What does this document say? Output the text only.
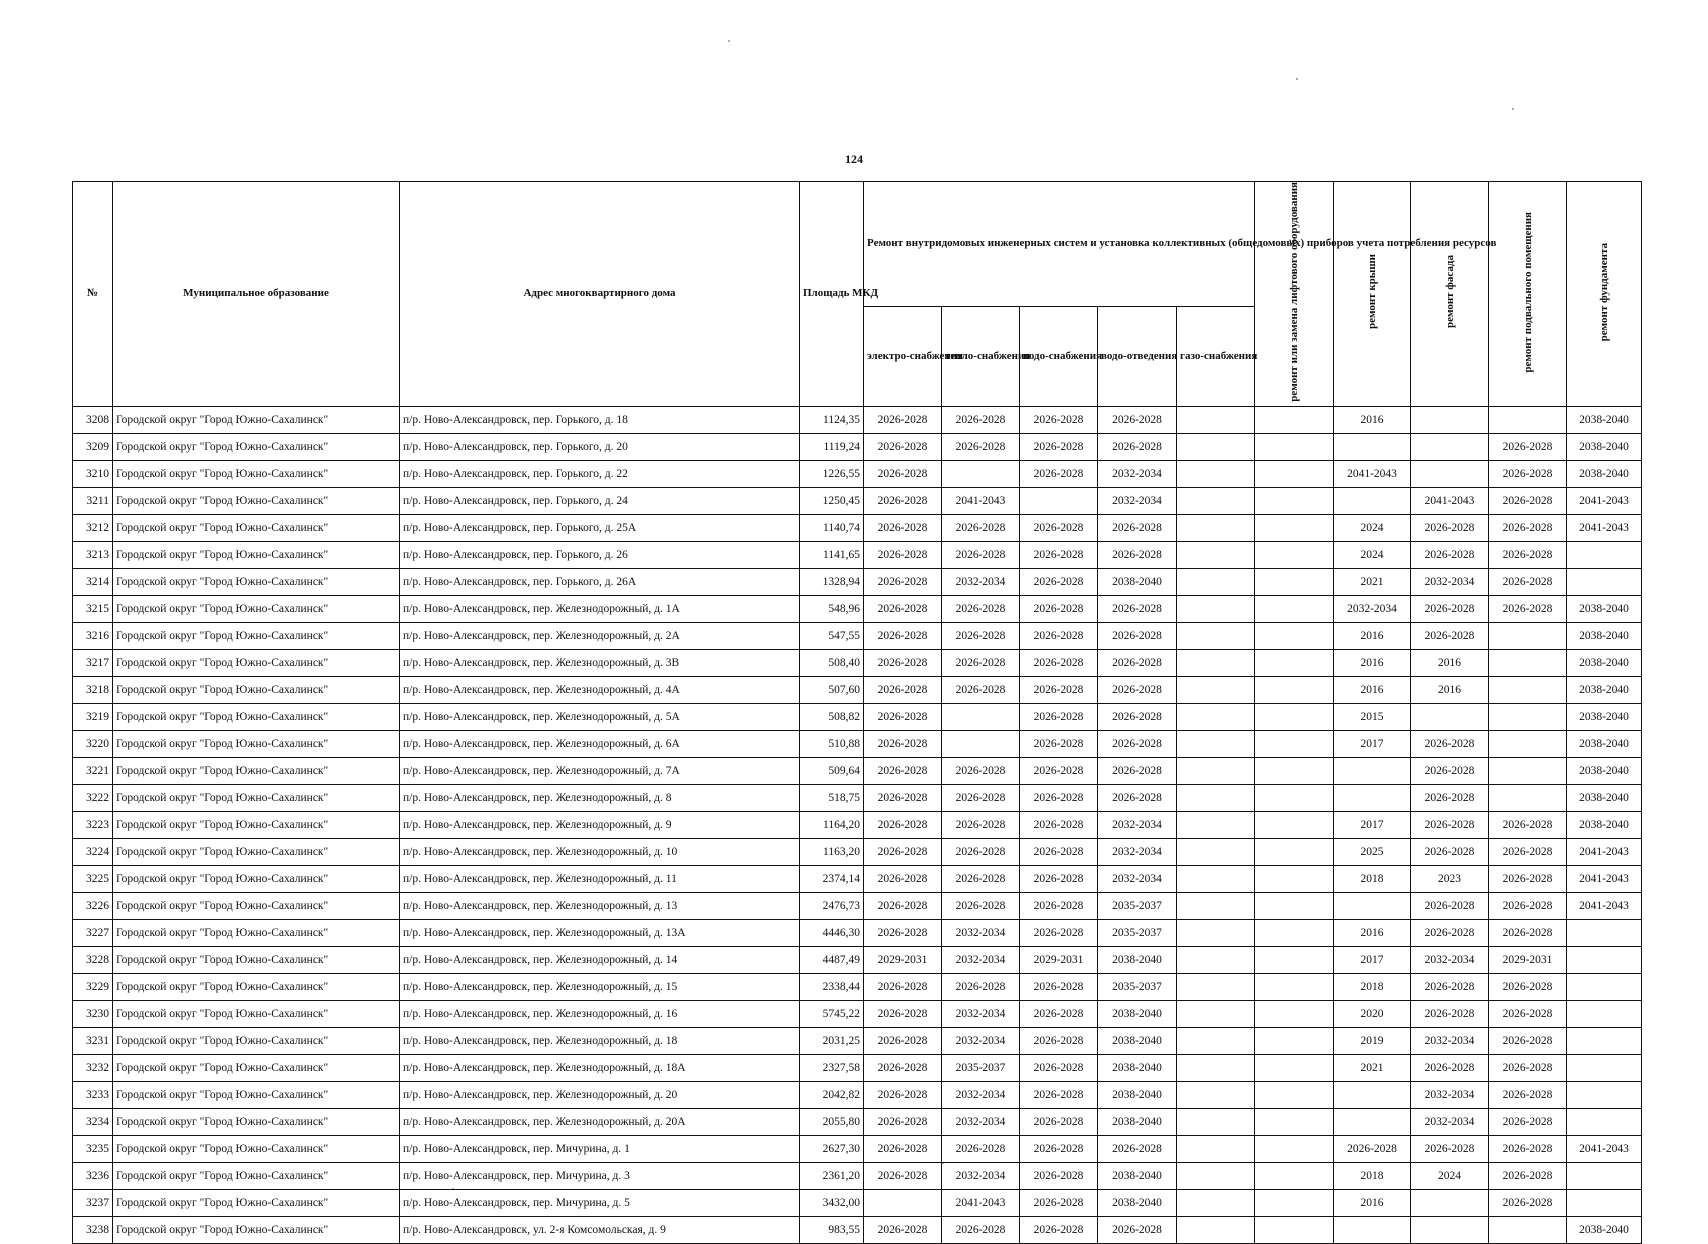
124
№	Муниципальное образование	Адрес многоквартирного дома	Площадь МКД	Ремонт внутридомовых инженерных систем и установка коллективных (общедомовых) приборов учета потребления ресурсов					ремонт или замена лифтового оборудования	ремонт крыши	ремонт фасада	ремонт подвального помещения	ремонт фундамента
				электро-снабжения	тепло-снабжения	водо-снабжения	водо-отведения	газо-снабжения					
3208	Городской округ "Город Южно-Сахалинск"	п/р. Ново-Александровск, пер. Горького, д. 18	1124,35	2026-2028	2026-2028	2026-2028	2026-2028			2016			2038-2040
3209	Городской округ "Город Южно-Сахалинск"	п/р. Ново-Александровск, пер. Горького, д. 20	1119,24	2026-2028	2026-2028	2026-2028	2026-2028					2026-2028	2038-2040
3210	Городской округ "Город Южно-Сахалинск"	п/р. Ново-Александровск, пер. Горького, д. 22	1226,55	2026-2028		2026-2028	2032-2034			2041-2043		2026-2028	2038-2040
3211	Городской округ "Город Южно-Сахалинск"	п/р. Ново-Александровск, пер. Горького, д. 24	1250,45	2026-2028	2041-2043		2032-2034				2041-2043	2026-2028	2041-2043
3212	Городской округ "Город Южно-Сахалинск"	п/р. Ново-Александровск, пер. Горького, д. 25А	1140,74	2026-2028	2026-2028	2026-2028	2026-2028			2024	2026-2028	2026-2028	2041-2043
3213	Городской округ "Город Южно-Сахалинск"	п/р. Ново-Александровск, пер. Горького, д. 26	1141,65	2026-2028	2026-2028	2026-2028	2026-2028			2024	2026-2028	2026-2028	
3214	Городской округ "Город Южно-Сахалинск"	п/р. Ново-Александровск, пер. Горького, д. 26А	1328,94	2026-2028	2032-2034	2026-2028	2038-2040			2021	2032-2034	2026-2028	
3215	Городской округ "Город Южно-Сахалинск"	п/р. Ново-Александровск, пер. Железнодорожный, д. 1А	548,96	2026-2028	2026-2028	2026-2028	2026-2028			2032-2034	2026-2028	2026-2028	2038-2040
3216	Городской округ "Город Южно-Сахалинск"	п/р. Ново-Александровск, пер. Железнодорожный, д. 2А	547,55	2026-2028	2026-2028	2026-2028	2026-2028			2016	2026-2028		2038-2040
3217	Городской округ "Город Южно-Сахалинск"	п/р. Ново-Александровск, пер. Железнодорожный, д. 3В	508,40	2026-2028	2026-2028	2026-2028	2026-2028			2016	2016		2038-2040
3218	Городской округ "Город Южно-Сахалинск"	п/р. Ново-Александровск, пер. Железнодорожный, д. 4А	507,60	2026-2028	2026-2028	2026-2028	2026-2028			2016	2016		2038-2040
3219	Городской округ "Город Южно-Сахалинск"	п/р. Ново-Александровск, пер. Железнодорожный, д. 5А	508,82	2026-2028		2026-2028	2026-2028			2015			2038-2040
3220	Городской округ "Город Южно-Сахалинск"	п/р. Ново-Александровск, пер. Железнодорожный, д. 6А	510,88	2026-2028		2026-2028	2026-2028			2017	2026-2028		2038-2040
3221	Городской округ "Город Южно-Сахалинск"	п/р. Ново-Александровск, пер. Железнодорожный, д. 7А	509,64	2026-2028	2026-2028	2026-2028	2026-2028				2026-2028		2038-2040
3222	Городской округ "Город Южно-Сахалинск"	п/р. Ново-Александровск, пер. Железнодорожный, д. 8	518,75	2026-2028	2026-2028	2026-2028	2026-2028				2026-2028		2038-2040
3223	Городской округ "Город Южно-Сахалинск"	п/р. Ново-Александровск, пер. Железнодорожный, д. 9	1164,20	2026-2028	2026-2028	2026-2028	2032-2034			2017	2026-2028	2026-2028	2038-2040
3224	Городской округ "Город Южно-Сахалинск"	п/р. Ново-Александровск, пер. Железнодорожный, д. 10	1163,20	2026-2028	2026-2028	2026-2028	2032-2034			2025	2026-2028	2026-2028	2041-2043
3225	Городской округ "Город Южно-Сахалинск"	п/р. Ново-Александровск, пер. Железнодорожный, д. 11	2374,14	2026-2028	2026-2028	2026-2028	2032-2034			2018	2023	2026-2028	2041-2043
3226	Городской округ "Город Южно-Сахалинск"	п/р. Ново-Александровск, пер. Железнодорожный, д. 13	2476,73	2026-2028	2026-2028	2026-2028	2035-2037				2026-2028	2026-2028	2041-2043
3227	Городской округ "Город Южно-Сахалинск"	п/р. Ново-Александровск, пер. Железнодорожный, д. 13А	4446,30	2026-2028	2032-2034	2026-2028	2035-2037			2016	2026-2028	2026-2028	
3228	Городской округ "Город Южно-Сахалинск"	п/р. Ново-Александровск, пер. Железнодорожный, д. 14	4487,49	2029-2031	2032-2034	2029-2031	2038-2040			2017	2032-2034	2029-2031	
3229	Городской округ "Город Южно-Сахалинск"	п/р. Ново-Александровск, пер. Железнодорожный, д. 15	2338,44	2026-2028	2026-2028	2026-2028	2035-2037			2018	2026-2028	2026-2028	
3230	Городской округ "Город Южно-Сахалинск"	п/р. Ново-Александровск, пер. Железнодорожный, д. 16	5745,22	2026-2028	2032-2034	2026-2028	2038-2040			2020	2026-2028	2026-2028	
3231	Городской округ "Город Южно-Сахалинск"	п/р. Ново-Александровск, пер. Железнодорожный, д. 18	2031,25	2026-2028	2032-2034	2026-2028	2038-2040			2019	2032-2034	2026-2028	
3232	Городской округ "Город Южно-Сахалинск"	п/р. Ново-Александровск, пер. Железнодорожный, д. 18А	2327,58	2026-2028	2035-2037	2026-2028	2038-2040			2021	2026-2028	2026-2028	
3233	Городской округ "Город Южно-Сахалинск"	п/р. Ново-Александровск, пер. Железнодорожный, д. 20	2042,82	2026-2028	2032-2034	2026-2028	2038-2040				2032-2034	2026-2028	
3234	Городской округ "Город Южно-Сахалинск"	п/р. Ново-Александровск, пер. Железнодорожный, д. 20А	2055,80	2026-2028	2032-2034	2026-2028	2038-2040				2032-2034	2026-2028	
3235	Городской округ "Город Южно-Сахалинск"	п/р. Ново-Александровск, пер. Мичурина, д. 1	2627,30	2026-2028	2026-2028	2026-2028	2026-2028			2026-2028	2026-2028	2026-2028	2041-2043
3236	Городской округ "Город Южно-Сахалинск"	п/р. Ново-Александровск, пер. Мичурина, д. 3	2361,20	2026-2028	2032-2034	2026-2028	2038-2040			2018	2024	2026-2028	
3237	Городской округ "Город Южно-Сахалинск"	п/р. Ново-Александровск, пер. Мичурина, д. 5	3432,00		2041-2043	2026-2028	2038-2040			2016		2026-2028	
3238	Городской округ "Город Южно-Сахалинск"	п/р. Ново-Александровск, ул. 2-я Комсомольская, д. 9	983,55	2026-2028	2026-2028	2026-2028	2026-2028						2038-2040
